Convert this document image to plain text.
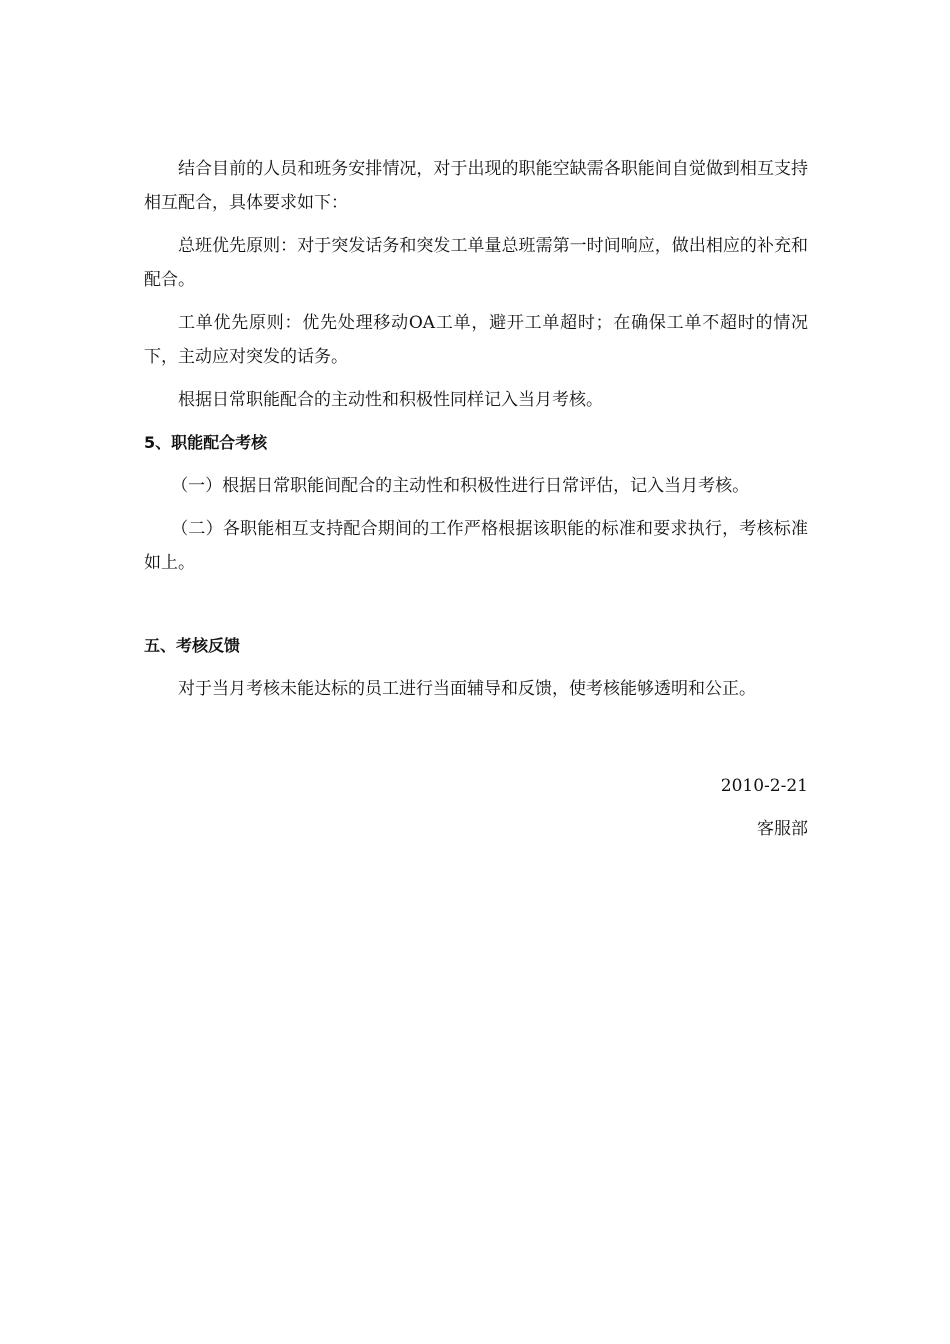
结合目前的人员和班务安排情况，对于出现的职能空缺需各职能间自觉做到相互支持相互配合，具体要求如下：

总班优先原则：对于突发话务和突发工单量总班需第一时间响应，做出相应的补充和配合。

工单优先原则：优先处理移动OA工单，避开工单超时；在确保工单不超时的情况下，主动应对突发的话务。

根据日常职能配合的主动性和积极性同样记入当月考核。

5、职能配合考核

（一）根据日常职能间配合的主动性和积极性进行日常评估，记入当月考核。

（二）各职能相互支持配合期间的工作严格根据该职能的标准和要求执行，考核标准如上。

五、考核反馈

对于当月考核未能达标的员工进行当面辅导和反馈，使考核能够透明和公正。

2010-2-21
客服部
